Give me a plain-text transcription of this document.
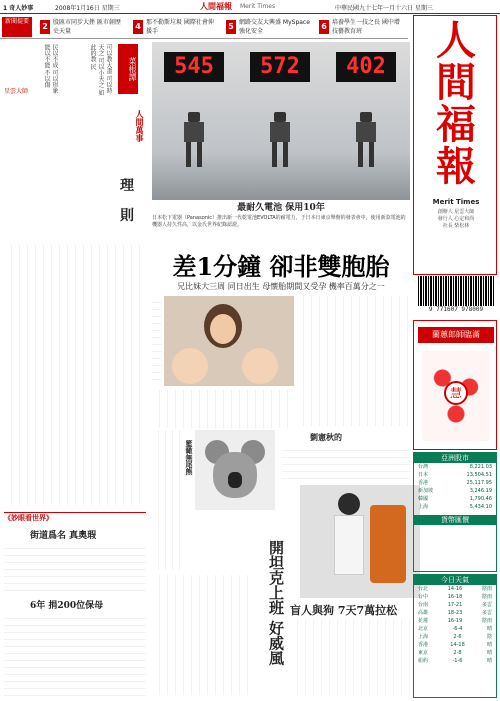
1 奇人妙事	2008年1月16日 星期三	人間福報 Merit Times	中華民國九十七年一月十六日 星期三
新聞提要
2 股匯市同步大挫 匯市創歷史天量
4 那不勒斯垃圾 國際社會伸援手
5 網路交友大興盛 MySpace強化安全
6 培養學生一技之長 國中增技藝教育班
民以不成 可以形象 能以不能 不以傷	可以教大畫 可以時天之 可以小天之 如此的教 民	菜根譚
人間萬事
理
則
星雲大師
《妙眼看世界》
街道爲名 真奧瑕
6年 捐200位保母
545	572	402
最耐久電池 保用10年
日本松下電器（Panasonic）推出新一代乾電池EVOLTA的耐電力，于日本日東京舉辦的發表會中，使用新款電池的機器人持久性高，以金氏世界紀錄認證。
差1分鐘 卻非雙胞胎
兄比妹大三周 同日出生 母懷胎期間又受孕 機率百萬分之一
籃瞰無尾熊
劉憲秋的
開坦克上班 好威風 盲人與狗 7天7萬拉松
人間福報
Merit Times
創辦人 星雲大師
發行人 心定和尚
社長 柴松林
9 771607 978009
蘭蕙郎師臨滿
慧
亞洲股市
台灣	8,221.03
日本	13,504.51
香港	25,117.95
新加坡	3,246.19
韓國	1,790.46
上海	5,434.10
貨幣匯價
今日天氣
台北	14-16	陰雨
台中	16-18	陰雨
台南	17-21	多雲
高雄	18-23	多雲
花蓮	16-19	陰雨
北京	-6-4	晴
上海	2-6	陰
香港	14-18	晴
東京	2-8	晴
紐約	-1-6	晴
